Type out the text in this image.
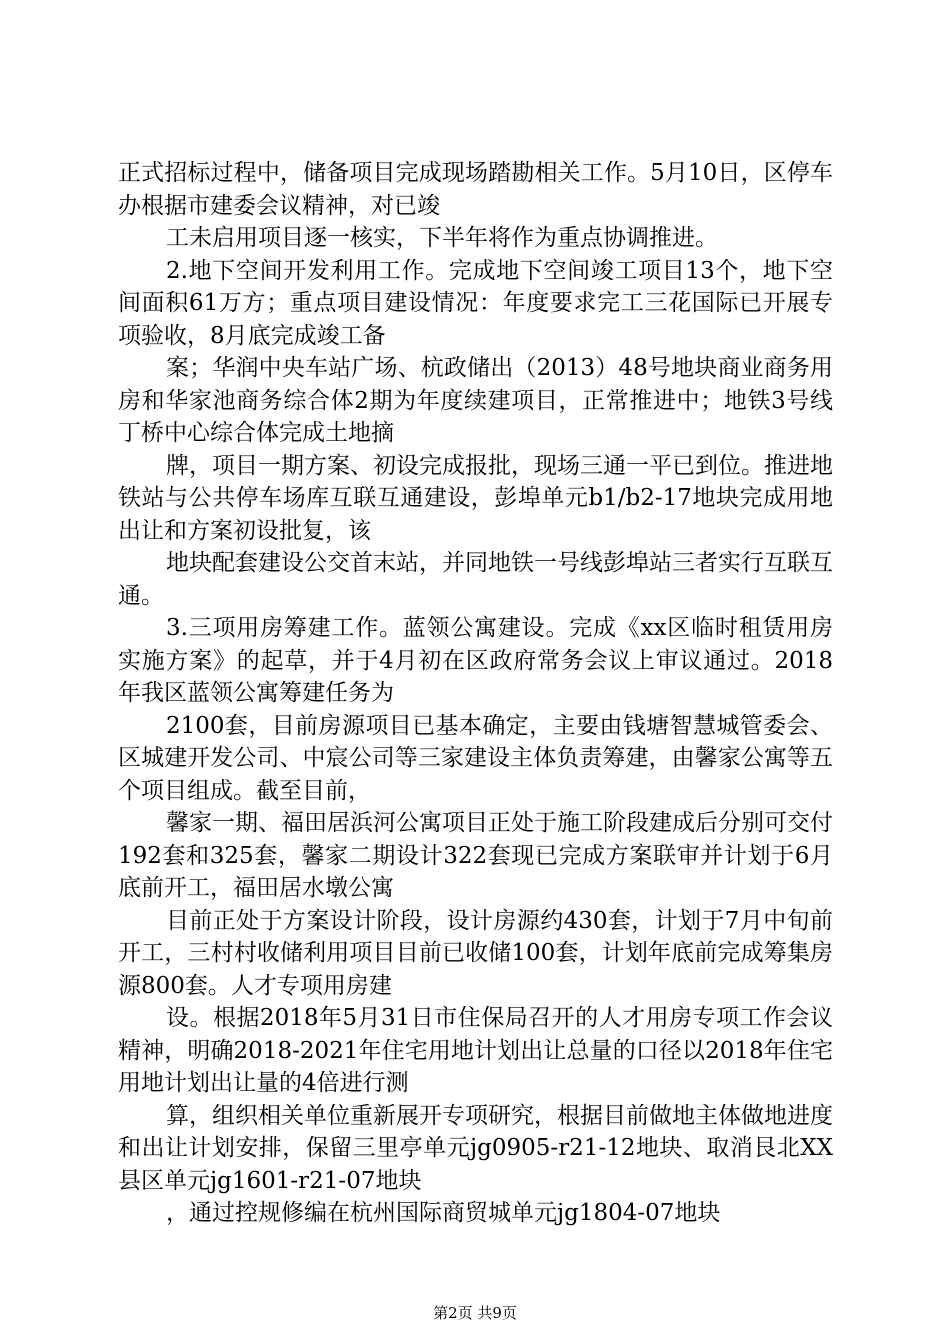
正式招标过程中，储备项目完成现场踏勘相关工作。5月10日，区停车办根据市建委会议精神，对已竣

工未启用项目逐一核实，下半年将作为重点协调推进。

2.地下空间开发利用工作。完成地下空间竣工项目13个，地下空间面积61万方；重点项目建设情况：年度要求完工三花国际已开展专项验收，8月底完成竣工备

案；华润中央车站广场、杭政储出（2013）48号地块商业商务用房和华家池商务综合体2期为年度续建项目，正常推进中；地铁3号线丁桥中心综合体完成土地摘

牌，项目一期方案、初设完成报批，现场三通一平已到位。推进地铁站与公共停车场库互联互通建设，彭埠单元b1/b2-17地块完成用地出让和方案初设批复，该

地块配套建设公交首末站，并同地铁一号线彭埠站三者实行互联互通。

3.三项用房筹建工作。蓝领公寓建设。完成《xx区临时租赁用房实施方案》的起草，并于4月初在区政府常务会议上审议通过。2018年我区蓝领公寓筹建任务为

2100套，目前房源项目已基本确定，主要由钱塘智慧城管委会、区城建开发公司、中宸公司等三家建设主体负责筹建，由馨家公寓等五个项目组成。截至目前，

馨家一期、福田居浜河公寓项目正处于施工阶段建成后分别可交付192套和325套，馨家二期设计322套现已完成方案联审并计划于6月底前开工，福田居水墩公寓

目前正处于方案设计阶段，设计房源约430套，计划于7月中旬前开工，三村村收储利用项目目前已收储100套，计划年底前完成筹集房源800套。人才专项用房建

设。根据2018年5月31日市住保局召开的人才用房专项工作会议精神，明确2018-2021年住宅用地计划出让总量的口径以2018年住宅用地计划出让量的4倍进行测

算，组织相关单位重新展开专项研究，根据目前做地主体做地进度和出让计划安排，保留三里亭单元jg0905-r21-12地块、取消艮北XX县区单元jg1601-r21-07地块

，通过控规修编在杭州国际商贸城单元jg1804-07地块

第2页 共9页
